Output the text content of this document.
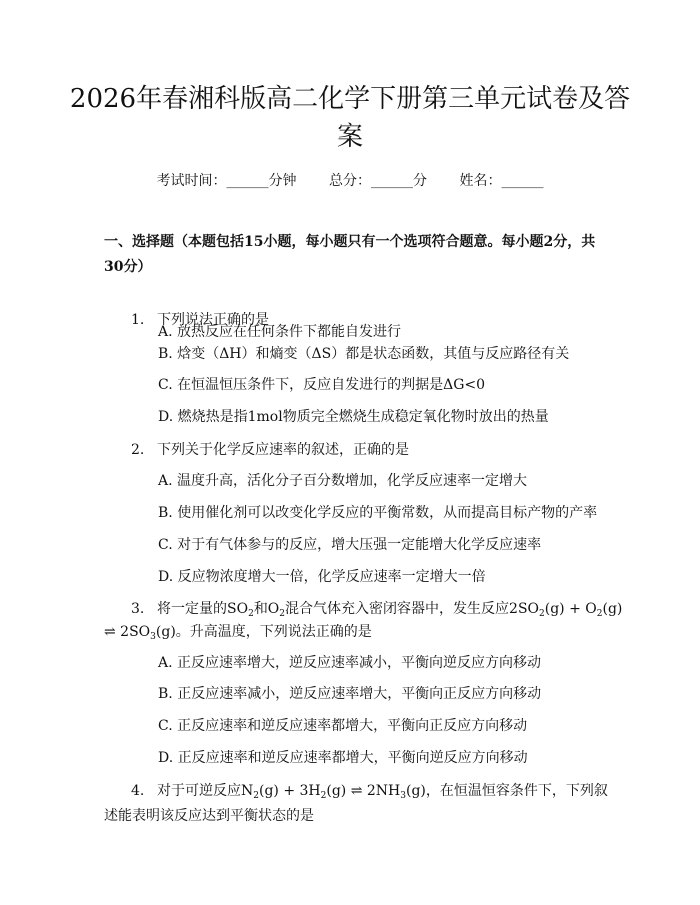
2026年春湘科版高二化学下册第三单元试卷及答案
考试时间：______分钟 总分：______分 姓名：______
一、选择题（本题包括15小题，每小题只有一个选项符合题意。每小题2分，共30分）
1. 下列说法正确的是
A. 放热反应在任何条件下都能自发进行
B. 焓变（ΔH）和熵变（ΔS）都是状态函数，其值与反应路径有关
C. 在恒温恒压条件下，反应自发进行的判据是ΔG<0
D. 燃烧热是指1mol物质完全燃烧生成稳定氧化物时放出的热量
2. 下列关于化学反应速率的叙述，正确的是
A. 温度升高，活化分子百分数增加，化学反应速率一定增大
B. 使用催化剂可以改变化学反应的平衡常数，从而提高目标产物的产率
C. 对于有气体参与的反应，增大压强一定能增大化学反应速率
D. 反应物浓度增大一倍，化学反应速率一定增大一倍
3. 将一定量的$SO_2$和$O_2$混合气体充入密闭容器中，发生反应$2SO_2(g) + O_2(g)$
⇌ $2SO_3(g)$。升高温度，下列说法正确的是
A. 正反应速率增大，逆反应速率减小，平衡向逆反应方向移动
B. 正反应速率减小，逆反应速率增大，平衡向正反应方向移动
C. 正反应速率和逆反应速率都增大，平衡向正反应方向移动
D. 正反应速率和逆反应速率都增大，平衡向逆反应方向移动
4. 对于可逆反应$N_2(g) + 3H_2(g)$ ⇌ $2NH_3(g)$，在恒温恒容条件下，下列叙
述能表明该反应达到平衡状态的是
